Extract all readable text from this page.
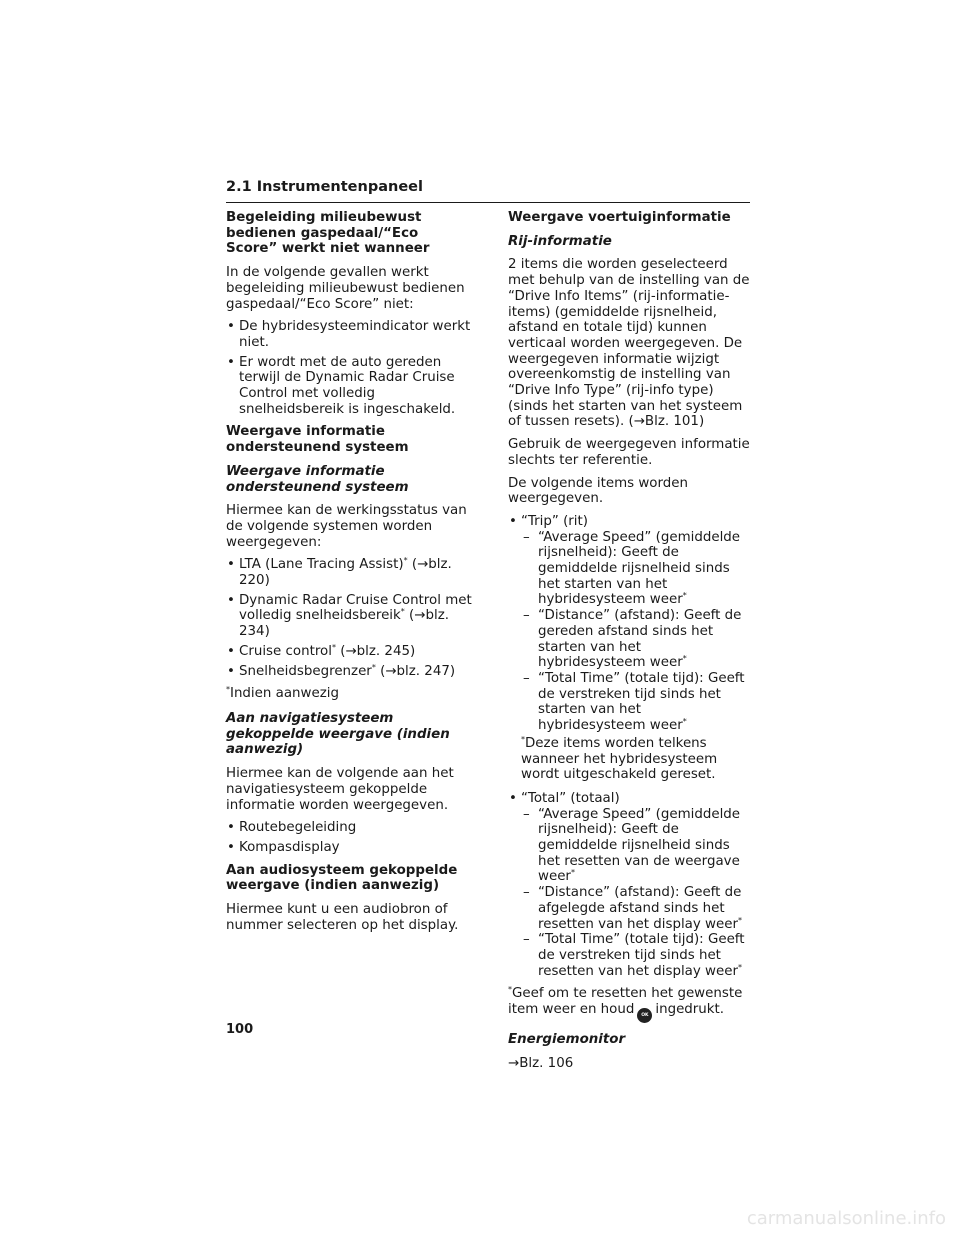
2.1 Instrumentenpaneel

Begeleiding milieubewust bedienen gaspedaal/“Eco Score” werkt niet wanneer

In de volgende gevallen werkt begeleiding milieubewust bedienen gaspedaal/“Eco Score” niet:

• De hybridesysteemindicator werkt niet.
• Er wordt met de auto gereden terwijl de Dynamic Radar Cruise Control met volledig snelheidsbereik is ingeschakeld.

Weergave informatie ondersteunend systeem

Weergave informatie ondersteunend systeem

Hiermee kan de werkingsstatus van de volgende systemen worden weergegeven:

• LTA (Lane Tracing Assist)* (→blz. 220)
• Dynamic Radar Cruise Control met volledig snelheidsbereik* (→blz. 234)
• Cruise control* (→blz. 245)
• Snelheidsbegrenzer* (→blz. 247)

*Indien aanwezig

Aan navigatiesysteem gekoppelde weergave (indien aanwezig)

Hiermee kan de volgende aan het navigatiesysteem gekoppelde informatie worden weergegeven.

• Routebegeleiding
• Kompasdisplay

Aan audiosysteem gekoppelde weergave (indien aanwezig)

Hiermee kunt u een audiobron of nummer selecteren op het display.

Weergave voertuiginformatie

Rij-informatie

2 items die worden geselecteerd met behulp van de instelling van de “Drive Info Items” (rij-informatie-items) (gemiddelde rijsnelheid, afstand en totale tijd) kunnen verticaal worden weergegeven. De weergegeven informatie wijzigt overeenkomstig de instelling van “Drive Info Type” (rij-info type) (sinds het starten van het systeem of tussen resets). (→Blz. 101)

Gebruik de weergegeven informatie slechts ter referentie.

De volgende items worden weergegeven.

• “Trip” (rit)
– “Average Speed” (gemiddelde rijsnelheid): Geeft de gemiddelde rijsnelheid sinds het starten van het hybridesysteem weer*
– “Distance” (afstand): Geeft de gereden afstand sinds het starten van het hybridesysteem weer*
– “Total Time” (totale tijd): Geeft de verstreken tijd sinds het starten van het hybridesysteem weer*
*Deze items worden telkens wanneer het hybridesysteem wordt uitgeschakeld gereset.
• “Total” (totaal)
– “Average Speed” (gemiddelde rijsnelheid): Geeft de gemiddelde rijsnelheid sinds het resetten van de weergave weer*
– “Distance” (afstand): Geeft de afgelegde afstand sinds het resetten van het display weer*
– “Total Time” (totale tijd): Geeft de verstreken tijd sinds het resetten van het display weer*

*Geef om te resetten het gewenste item weer en houd OK ingedrukt.

Energiemonitor

→Blz. 106

100
carmanualsonline.info
